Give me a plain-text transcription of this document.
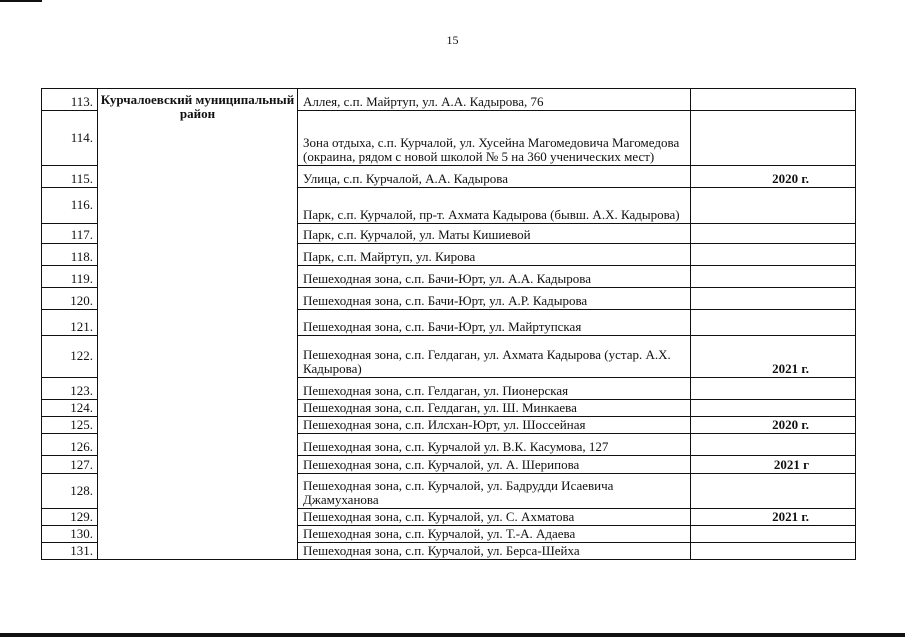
15
113.	Курчалоевский муниципальный район	Аллея, с.п. Майртуп, ул. А.А. Кадырова, 76	
114.		Зона отдыха, с.п. Курчалой, ул. Хусейна Магомедовича Магомедова (окраина, рядом с новой школой № 5 на 360 ученических мест)	
115.		Улица, с.п. Курчалой, А.А. Кадырова	2020 г.
116.		Парк, с.п. Курчалой, пр-т. Ахмата Кадырова (бывш. А.Х. Кадырова)	
117.		Парк, с.п. Курчалой, ул. Маты Кишиевой	
118.		Парк, с.п. Майртуп, ул. Кирова	
119.		Пешеходная зона, с.п. Бачи-Юрт, ул. А.А. Кадырова	
120.		Пешеходная зона, с.п. Бачи-Юрт, ул. А.Р. Кадырова	
121.		Пешеходная зона, с.п. Бачи-Юрт, ул. Майртупская	
122.		Пешеходная зона, с.п. Гелдаган, ул. Ахмата Кадырова (устар. А.Х. Кадырова)	2021 г.
123.		Пешеходная зона, с.п. Гелдаган, ул. Пионерская	
124.		Пешеходная зона, с.п. Гелдаган, ул. Ш. Минкаева	
125.		Пешеходная зона, с.п. Илсхан-Юрт, ул. Шоссейная	2020 г.
126.		Пешеходная зона, с.п. Курчалой ул. В.К. Касумова, 127	
127.		Пешеходная зона, с.п. Курчалой, ул. А. Шерипова	2021 г
128.		Пешеходная зона, с.п. Курчалой, ул. Бадрудди Исаевича Джамуханова	
129.		Пешеходная зона, с.п. Курчалой, ул. С. Ахматова	2021 г.
130.		Пешеходная зона, с.п. Курчалой, ул. Т.-А. Адаева	
131.		Пешеходная зона, с.п. Курчалой, ул. Берса-Шейха	
